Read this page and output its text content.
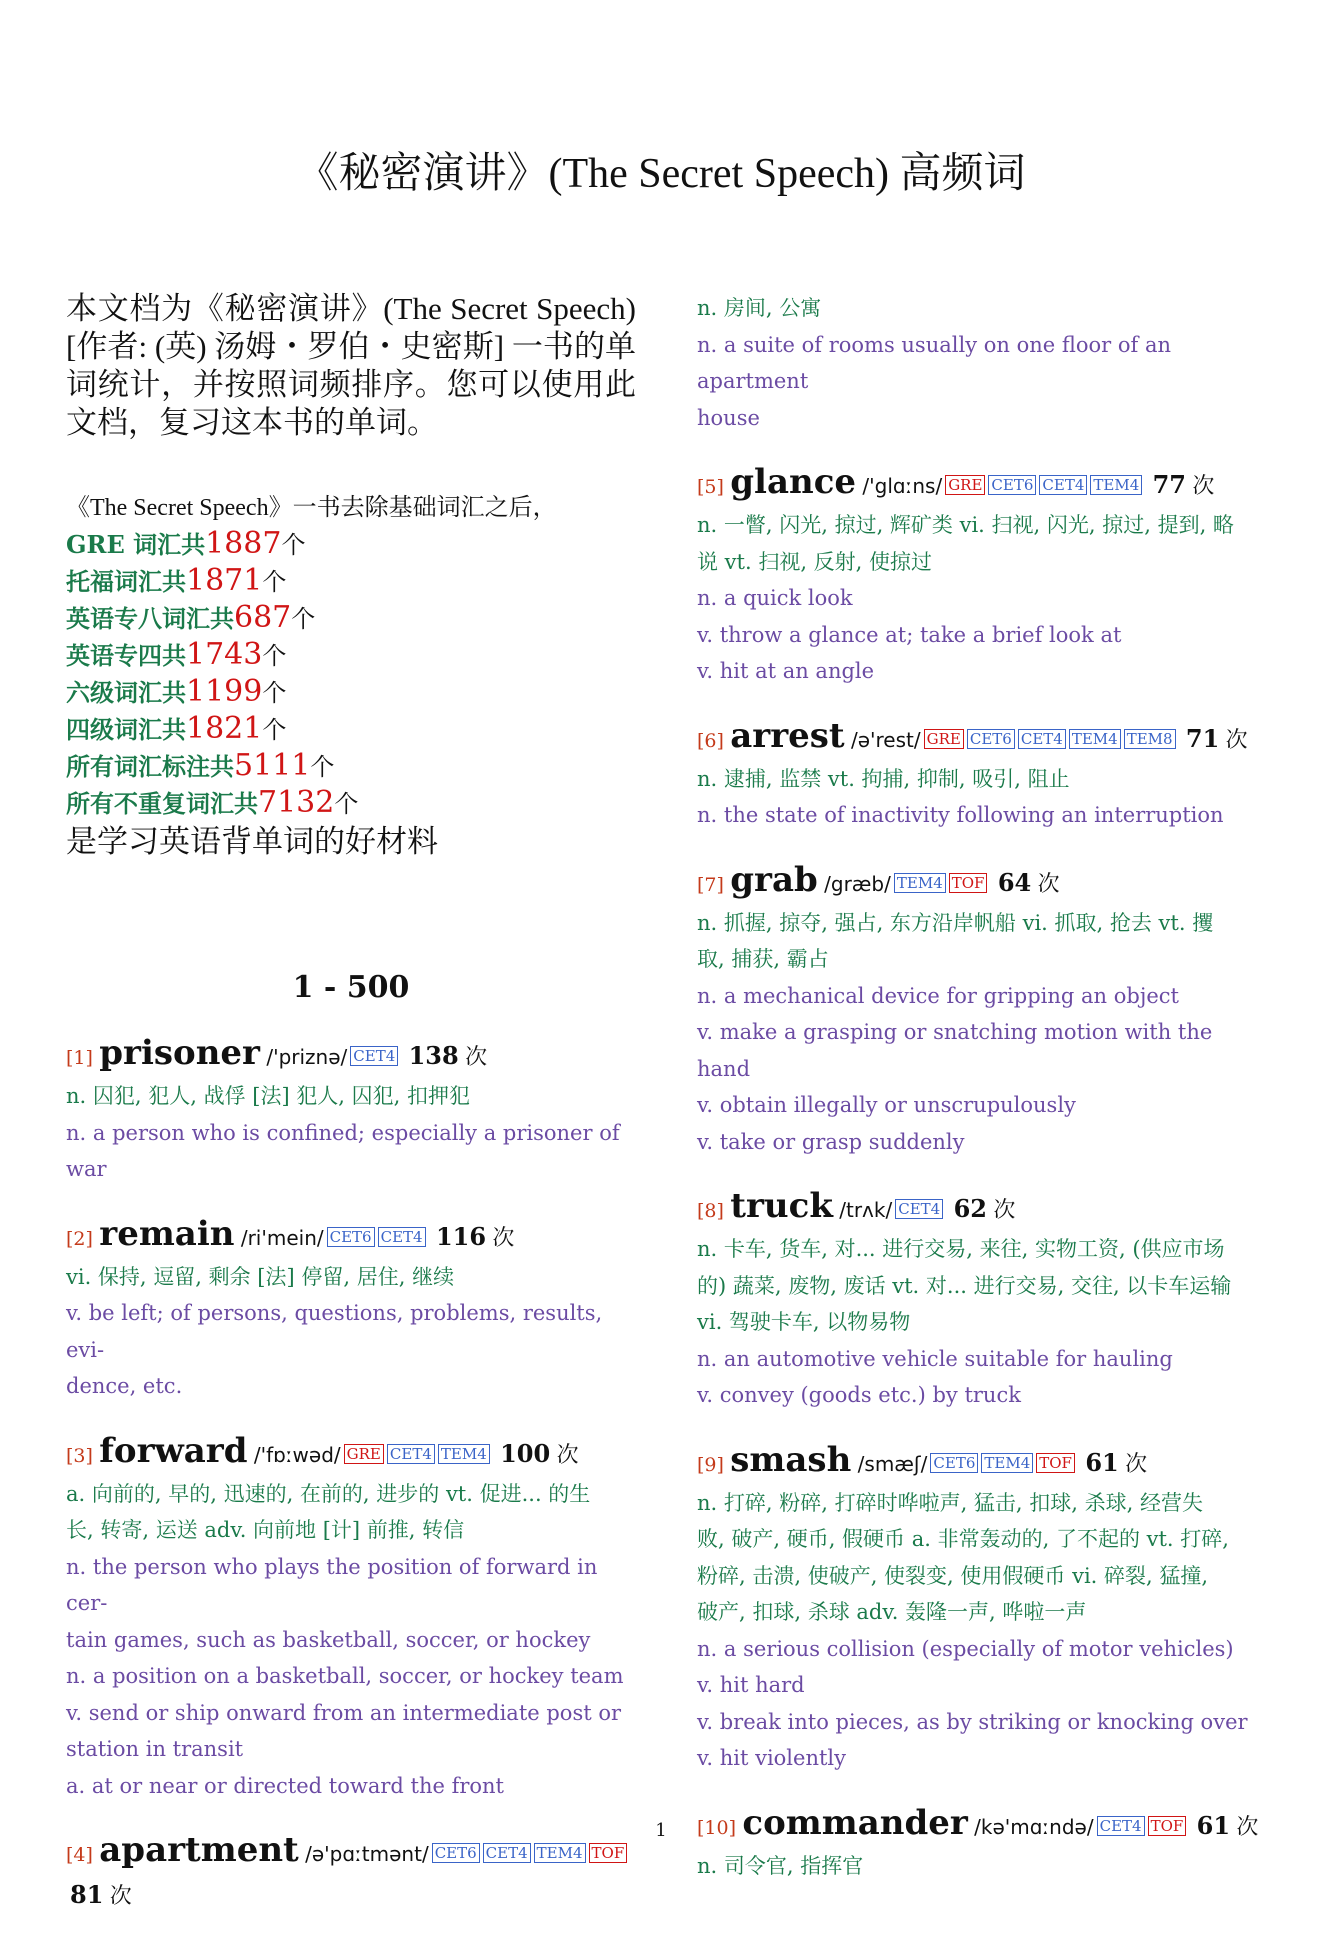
《秘密演讲》(The Secret Speech) 高频词
本文档为《秘密演讲》(The Secret Speech)[作者: (英) 汤姆・罗伯・史密斯] 一书的单词统计，并按照词频排序。您可以使用此文档，复习这本书的单词。
《The Secret Speech》一书去除基础词汇之后，
GRE 词汇共1887个
托福词汇共1871个
英语专八词汇共687个
英语专四共1743个
六级词汇共1199个
四级词汇共1821个
所有词汇标注共5111个
所有不重复词汇共7132个
是学习英语背单词的好材料
1 - 500
[1] prisoner /'priznə/ CET4 138 次
n. 囚犯, 犯人, 战俘 [法] 犯人, 囚犯, 扣押犯
n. a person who is confined; especially a prisoner of war
[2] remain /ri'mein/ CET6 CET4 116 次
vi. 保持, 逗留, 剩余 [法] 停留, 居住, 继续
v. be left; of persons, questions, problems, results, evi-
dence, etc.
[3] forward /'fɒːwəd/ GRE CET4 TEM4 100 次
a. 向前的, 早的, 迅速的, 在前的, 进步的 vt. 促进... 的生
长, 转寄, 运送 adv. 向前地 [计] 前推, 转信
n. the person who plays the position of forward in cer-
tain games, such as basketball, soccer, or hockey
n. a position on a basketball, soccer, or hockey team
v. send or ship onward from an intermediate post or
station in transit
a. at or near or directed toward the front
[4] apartment /ə'pɑːtmənt/ CET6 CET4 TEM4 TOF 81 次
n. 房间, 公寓
n. a suite of rooms usually on one floor of an apartment
house
[5] glance /'glɑːns/ GRE CET6 CET4 TEM4 77 次
n. 一瞥, 闪光, 掠过, 辉矿类 vi. 扫视, 闪光, 掠过, 提到, 略
说 vt. 扫视, 反射, 使掠过
n. a quick look
v. throw a glance at; take a brief look at
v. hit at an angle
[6] arrest /ə'rest/ GRE CET6 CET4 TEM4 TEM8 71 次
n. 逮捕, 监禁 vt. 拘捕, 抑制, 吸引, 阻止
n. the state of inactivity following an interruption
[7] grab /græb/ TEM4 TOF 64 次
n. 抓握, 掠夺, 强占, 东方沿岸帆船 vi. 抓取, 抢去 vt. 攫
取, 捕获, 霸占
n. a mechanical device for gripping an object
v. make a grasping or snatching motion with the hand
v. obtain illegally or unscrupulously
v. take or grasp suddenly
[8] truck /trʌk/ CET4 62 次
n. 卡车, 货车, 对... 进行交易, 来往, 实物工资, (供应市场
的) 蔬菜, 废物, 废话 vt. 对... 进行交易, 交往, 以卡车运输
vi. 驾驶卡车, 以物易物
n. an automotive vehicle suitable for hauling
v. convey (goods etc.) by truck
[9] smash /smæʃ/ CET6 TEM4 TOF 61 次
n. 打碎, 粉碎, 打碎时哗啦声, 猛击, 扣球, 杀球, 经营失
败, 破产, 硬币, 假硬币 a. 非常轰动的, 了不起的 vt. 打碎,
粉碎, 击溃, 使破产, 使裂变, 使用假硬币 vi. 碎裂, 猛撞,
破产, 扣球, 杀球 adv. 轰隆一声, 哗啦一声
n. a serious collision (especially of motor vehicles)
v. hit hard
v. break into pieces, as by striking or knocking over
v. hit violently
[10] commander /kə'mɑːndə/ CET4 TOF 61 次
n. 司令官, 指挥官
1
